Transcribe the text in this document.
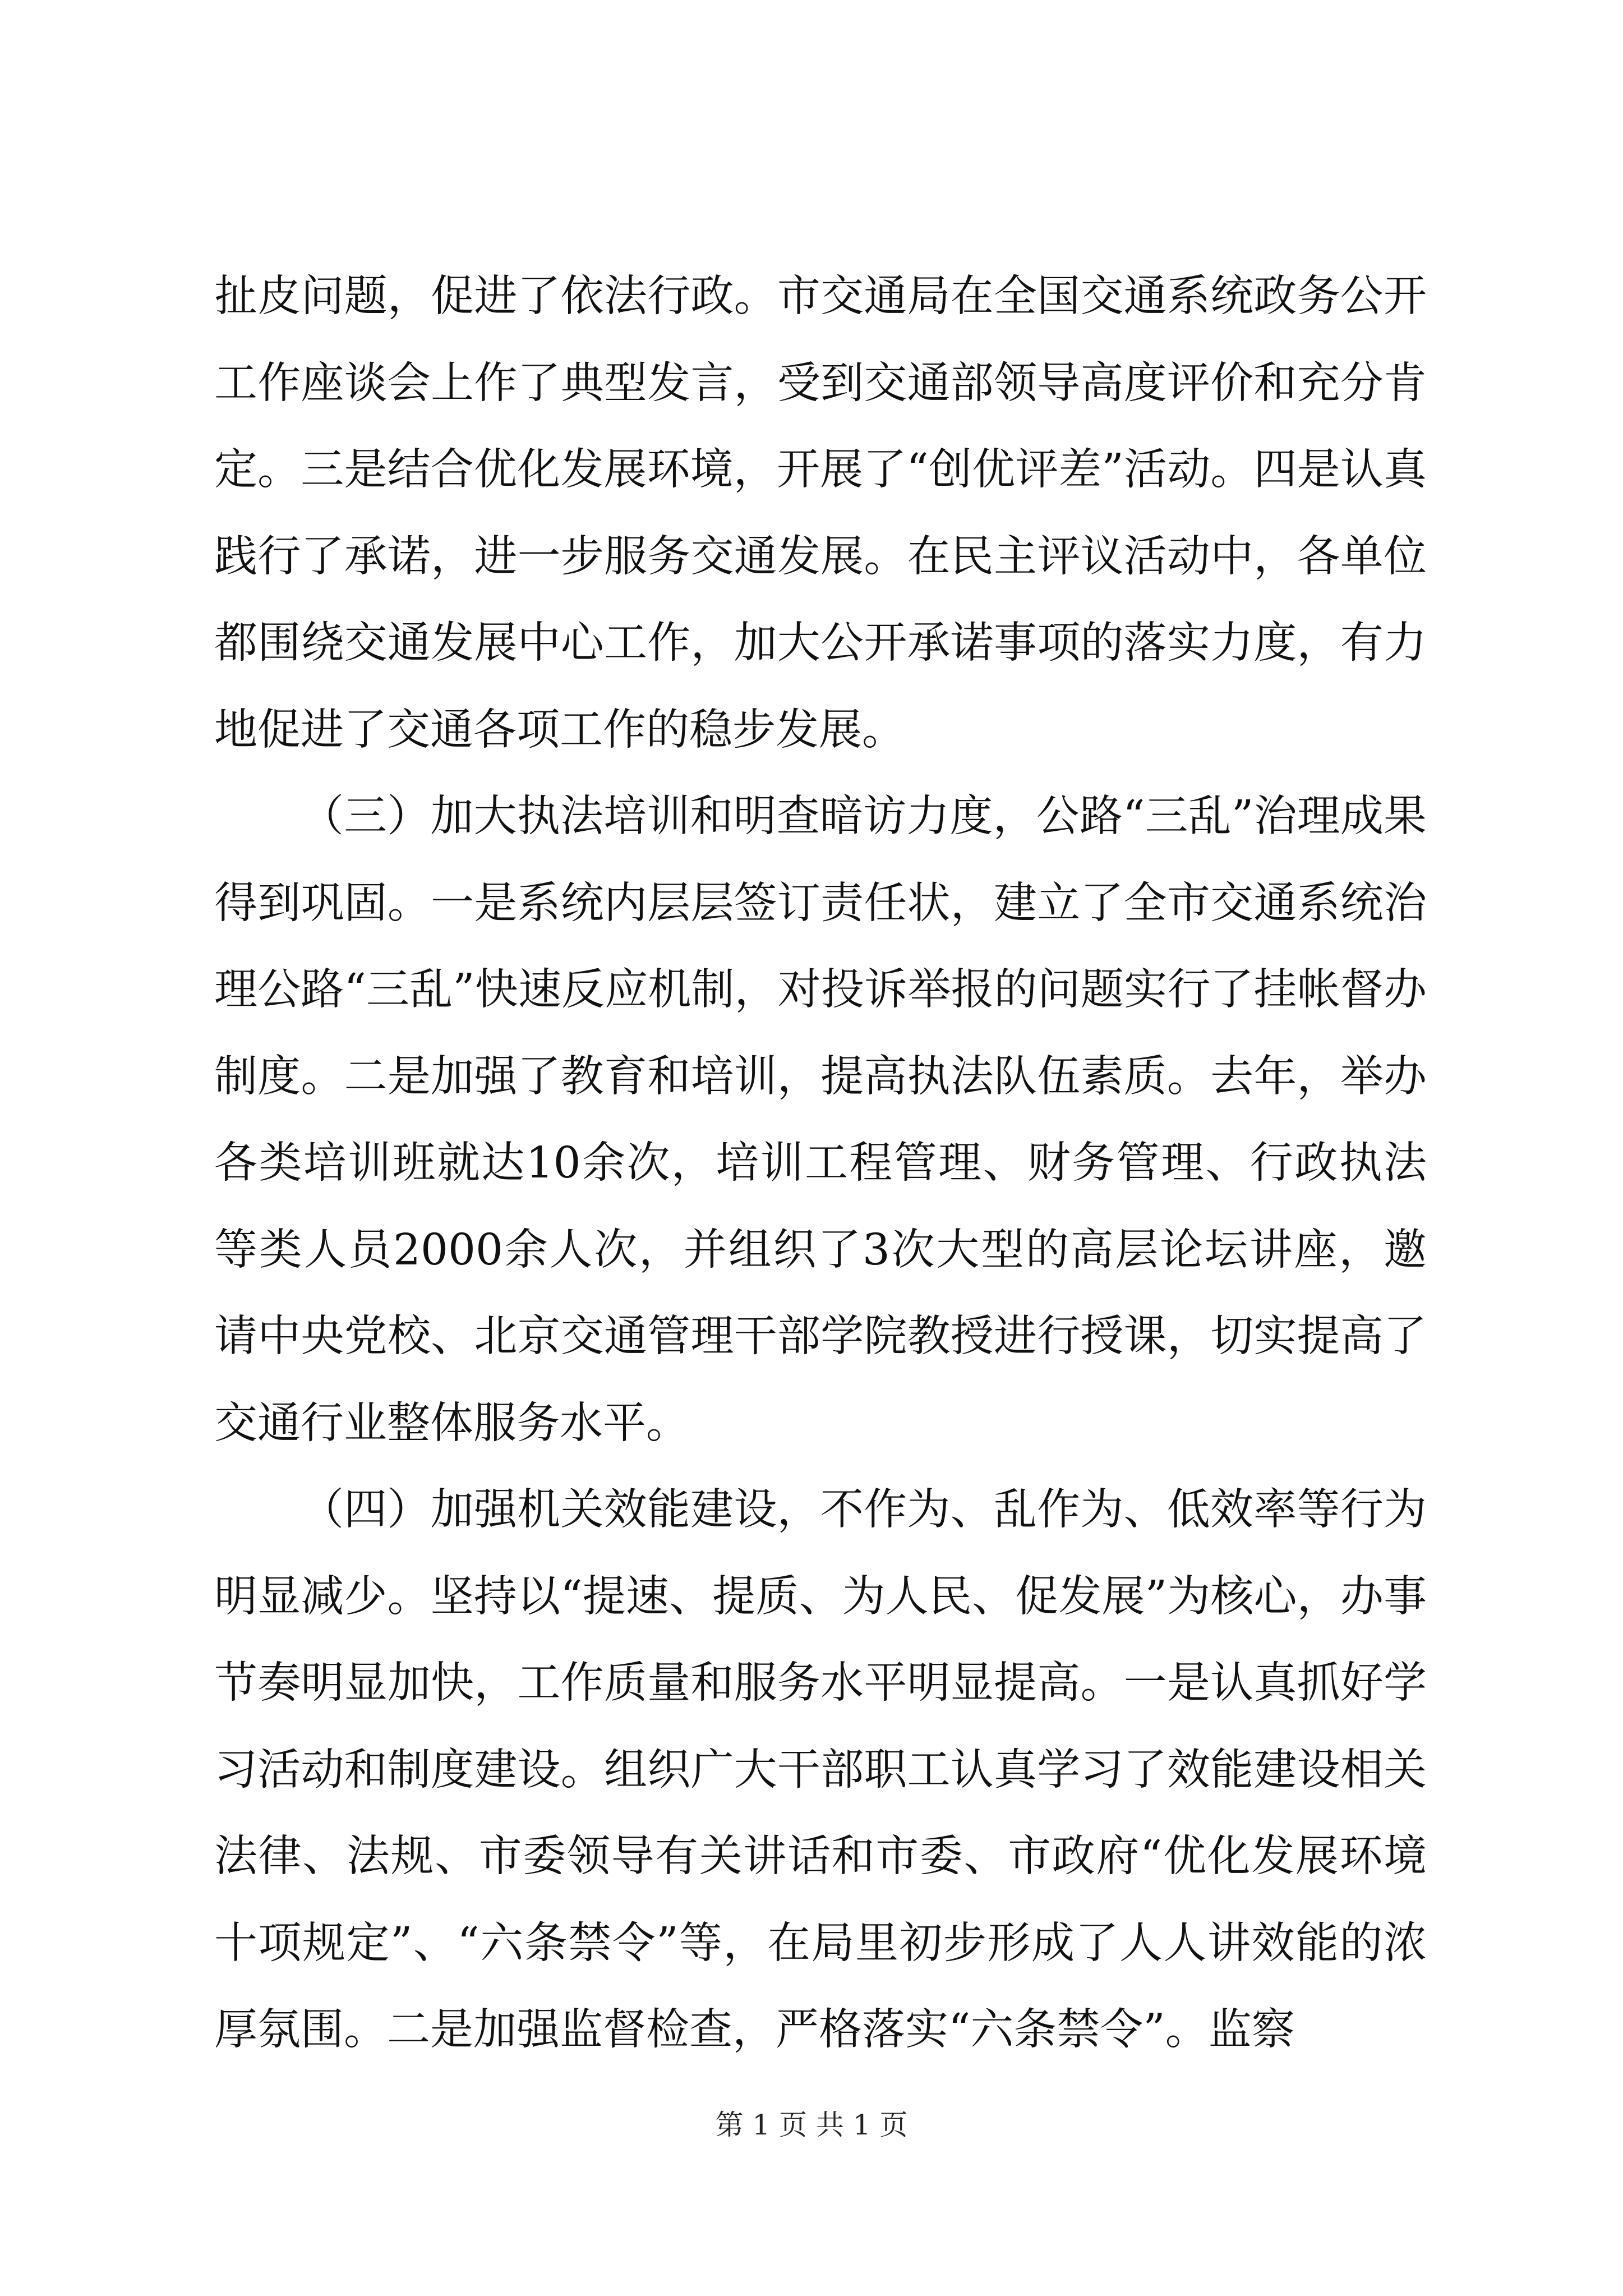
扯皮问题，促进了依法行政。市交通局在全国交通系统政务公开工作座谈会上作了典型发言，受到交通部领导高度评价和充分肯定。三是结合优化发展环境，开展了“创优评差”活动。四是认真践行了承诺，进一步服务交通发展。在民主评议活动中，各单位都围绕交通发展中心工作，加大公开承诺事项的落实力度，有力地促进了交通各项工作的稳步发展。

（三）加大执法培训和明查暗访力度，公路“三乱”治理成果得到巩固。一是系统内层层签订责任状，建立了全市交通系统治理公路“三乱”快速反应机制，对投诉举报的问题实行了挂帐督办制度。二是加强了教育和培训，提高执法队伍素质。去年，举办各类培训班就达10余次，培训工程管理、财务管理、行政执法等类人员2000余人次，并组织了3次大型的高层论坛讲座，邀请中央党校、北京交通管理干部学院教授进行授课，切实提高了交通行业整体服务水平。

（四）加强机关效能建设，不作为、乱作为、低效率等行为明显减少。坚持以“提速、提质、为人民、促发展”为核心，办事节奏明显加快，工作质量和服务水平明显提高。一是认真抓好学习活动和制度建设。组织广大干部职工认真学习了效能建设相关法律、法规、市委领导有关讲话和市委、市政府“优化发展环境十项规定”、“六条禁令”等，在局里初步形成了人人讲效能的浓厚氛围。二是加强监督检查，严格落实“六条禁令”。监察

第 1 页 共 1 页
